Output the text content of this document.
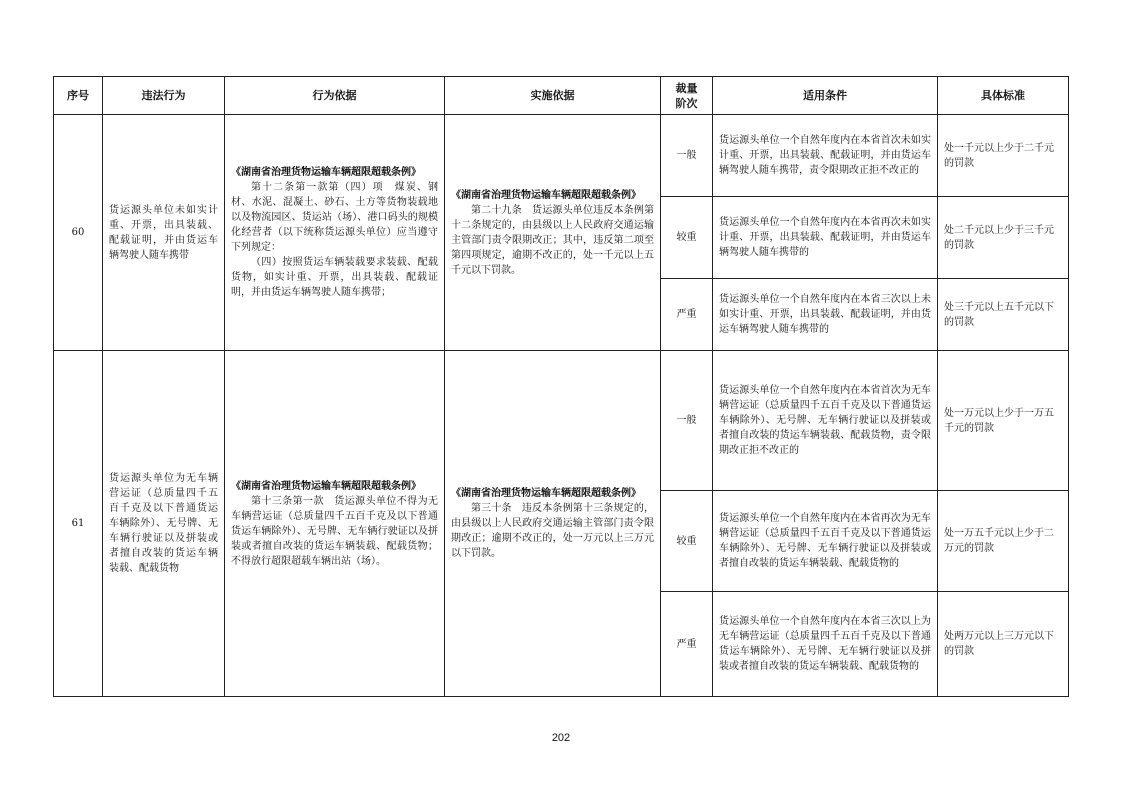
序号	违法行为	行为依据	实施依据	裁量阶次	适用条件	具体标准
60	货运源头单位未如实计重、开票，出具装载、配载证明，并由货运车辆驾驶人随车携带	《湖南省治理货物运输车辆超限超载条例》
第十二条第一款第（四）项　煤炭、钢材、水泥、混凝土、砂石、土方等货物装载地以及物流园区、货运站（场）、港口码头的规模化经营者（以下统称货运源头单位）应当遵守下列规定：
（四）按照货运车辆装载要求装载、配载货物，如实计重、开票，出具装载、配载证明，并由货运车辆驾驶人随车携带；	《湖南省治理货物运输车辆超限超载条例》
第二十九条　货运源头单位违反本条例第十二条规定的，由县级以上人民政府交通运输主管部门责令限期改正；其中，违反第二项至第四项规定，逾期不改正的，处一千元以上五千元以下罚款。	一般	货运源头单位一个自然年度内在本省首次未如实计重、开票，出具装载、配载证明，并由货运车辆驾驶人随车携带，责令限期改正拒不改正的	处一千元以上少于二千元的罚款

				较重	货运源头单位一个自然年度内在本省再次未如实计重、开票，出具装载、配载证明，并由货运车辆驾驶人随车携带的	处二千元以上少于三千元的罚款

				严重	货运源头单位一个自然年度内在本省三次以上未如实计重、开票，出具装载、配载证明，并由货运车辆驾驶人随车携带的	处三千元以上五千元以下的罚款

61	货运源头单位为无车辆营运证（总质量四千五百千克及以下普通货运车辆除外）、无号牌、无车辆行驶证以及拼装或者擅自改装的货运车辆装载、配载货物	《湖南省治理货物运输车辆超限超载条例》
第十三条第一款　货运源头单位不得为无车辆营运证（总质量四千五百千克及以下普通货运车辆除外）、无号牌、无车辆行驶证以及拼装或者擅自改装的货运车辆装载、配载货物；不得放行超限超载车辆出站（场）。	《湖南省治理货物运输车辆超限超载条例》
第三十条　违反本条例第十三条规定的，由县级以上人民政府交通运输主管部门责令限期改正；逾期不改正的，处一万元以上三万元以下罚款。	一般	货运源头单位一个自然年度内在本省首次为无车辆营运证（总质量四千五百千克及以下普通货运车辆除外）、无号牌、无车辆行驶证以及拼装或者擅自改装的货运车辆装载、配载货物，责令限期改正拒不改正的	处一万元以上少于一万五千元的罚款

				较重	货运源头单位一个自然年度内在本省再次为无车辆营运证（总质量四千五百千克及以下普通货运车辆除外）、无号牌、无车辆行驶证以及拼装或者擅自改装的货运车辆装载、配载货物的	处一万五千元以上少于二万元的罚款

				严重	货运源头单位一个自然年度内在本省三次以上为无车辆营运证（总质量四千五百千克及以下普通货运车辆除外）、无号牌、无车辆行驶证以及拼装或者擅自改装的货运车辆装载、配载货物的	处两万元以上三万元以下的罚款
202
